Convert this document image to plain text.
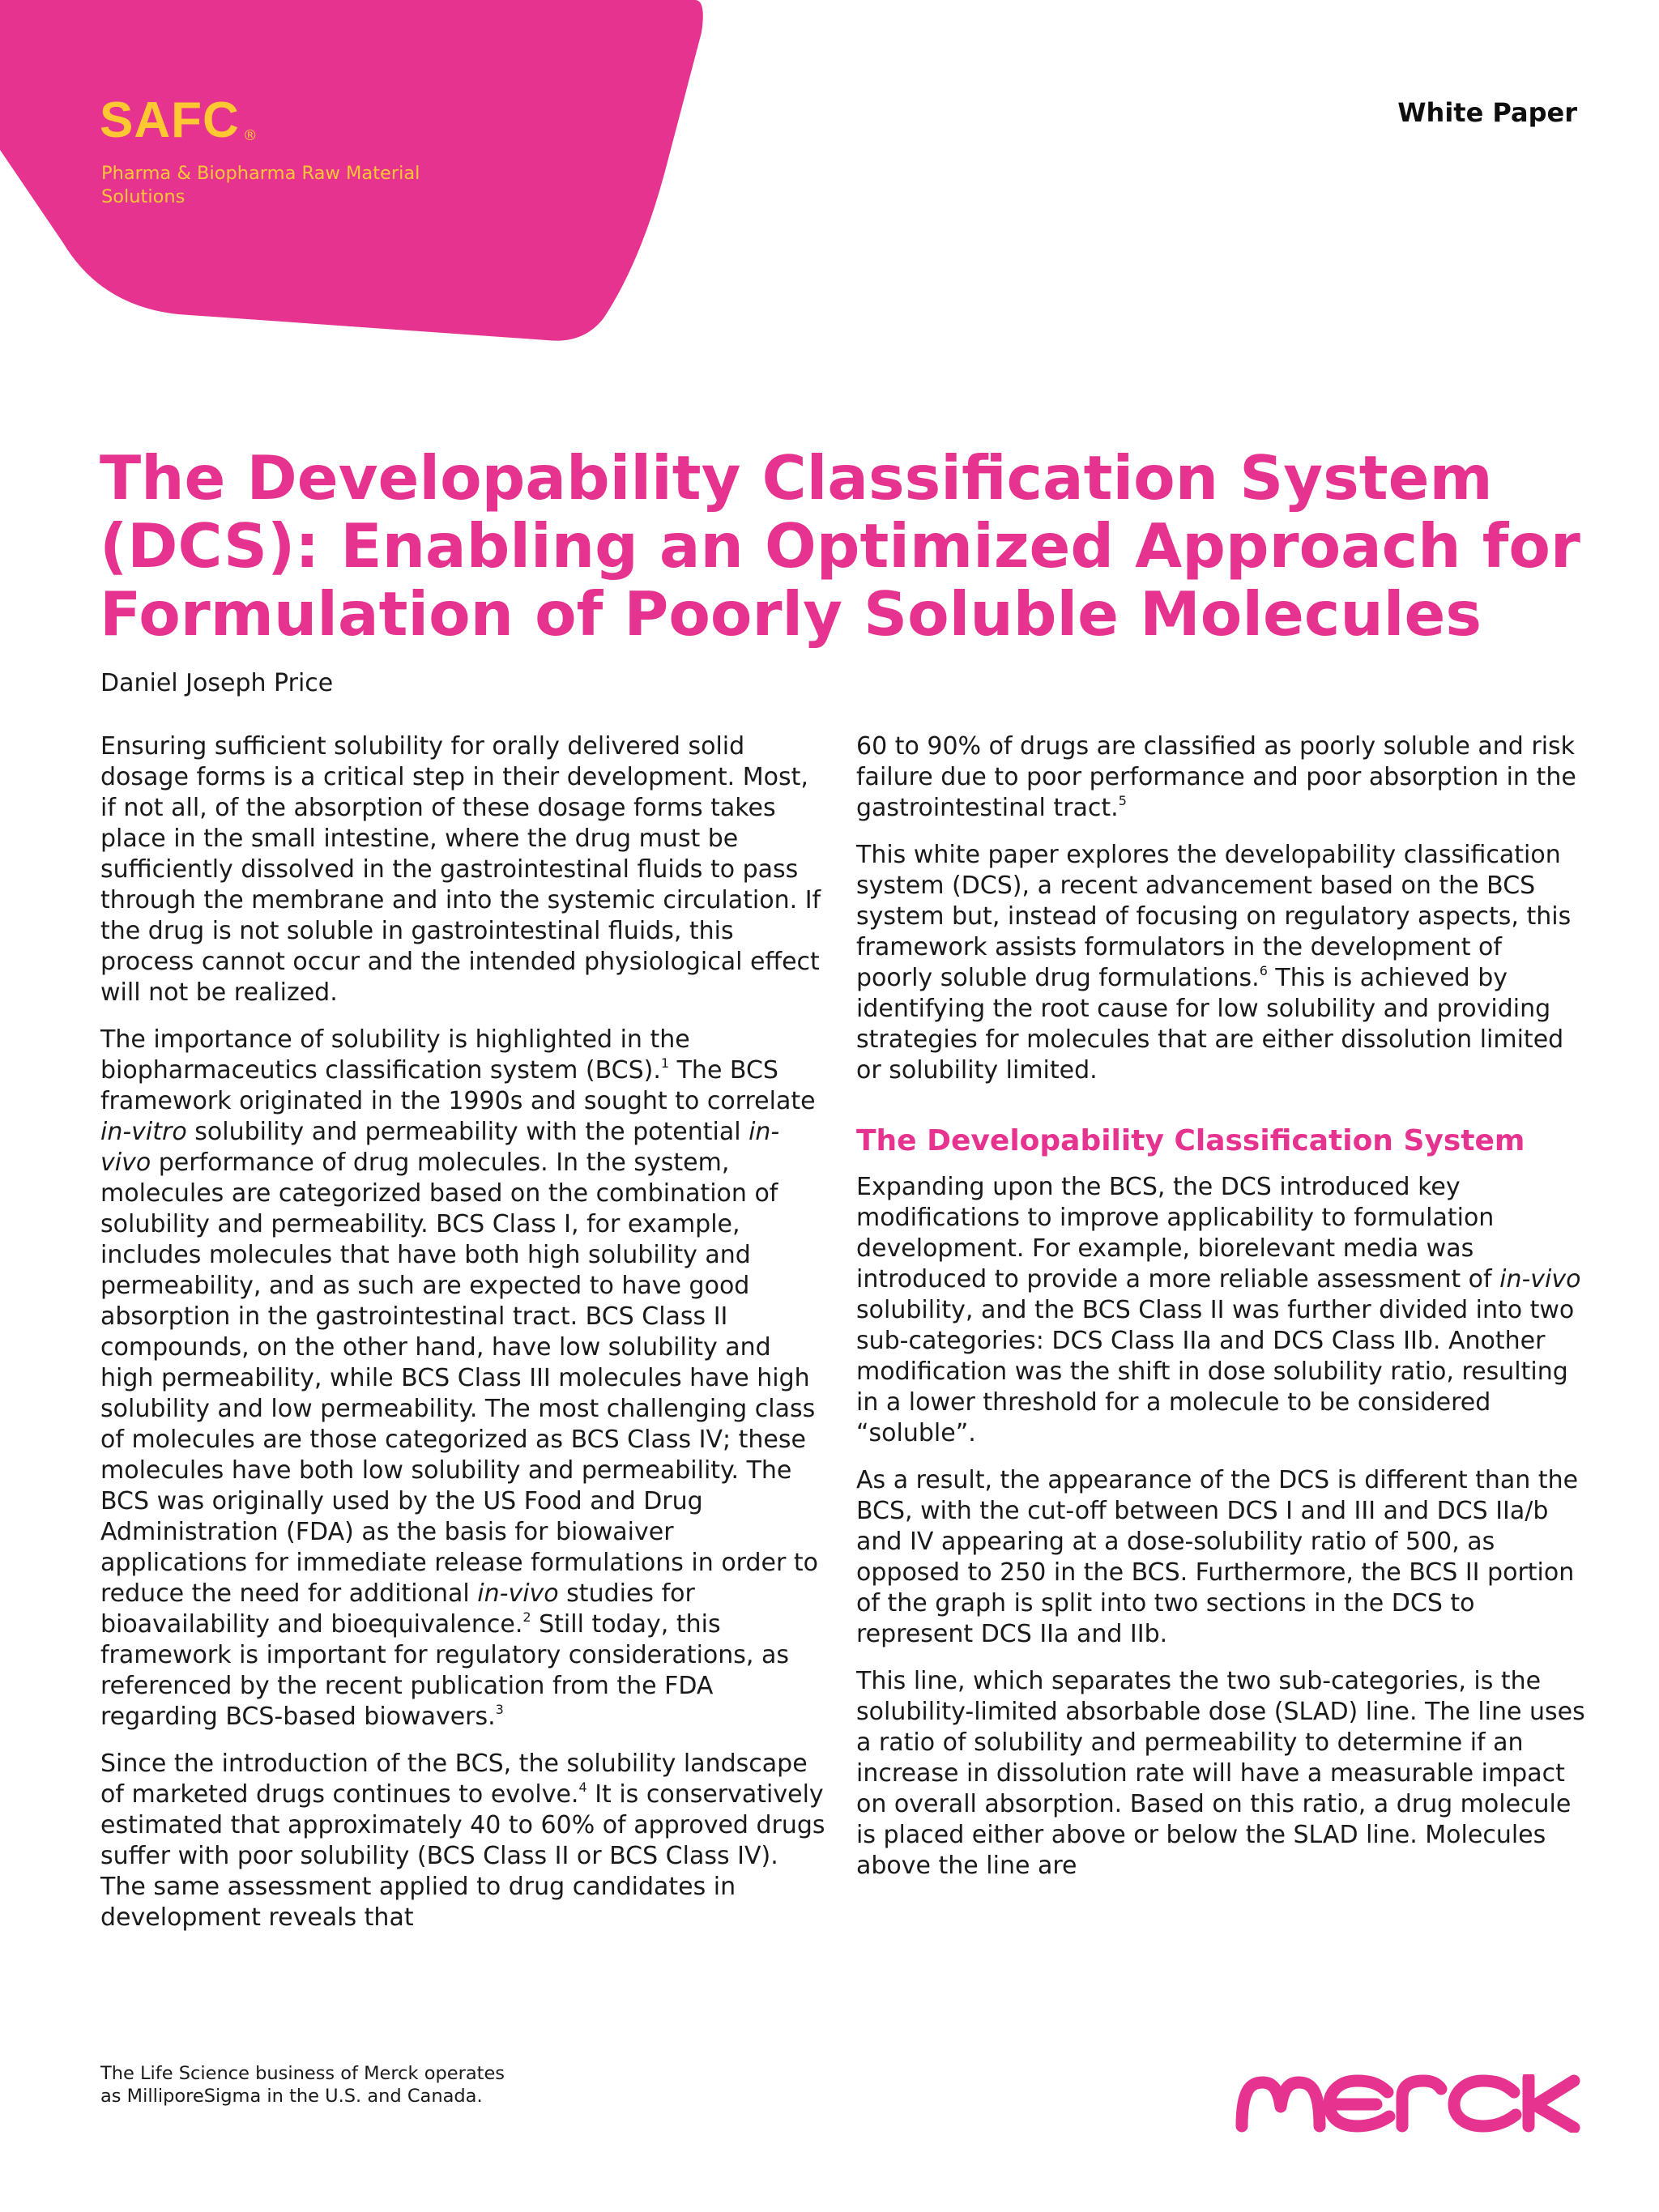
SAFC ®
Pharma & Biopharma Raw Material Solutions
White Paper
The Developability Classification System (DCS): Enabling an Optimized Approach for Formulation of Poorly Soluble Molecules
Daniel Joseph Price

Ensuring sufficient solubility for orally delivered solid dosage forms is a critical step in their development. Most, if not all, of the absorption of these dosage forms takes place in the small intestine, where the drug must be sufficiently dissolved in the gastrointestinal fluids to pass through the membrane and into the systemic circulation. If the drug is not soluble in gastrointestinal fluids, this process cannot occur and the intended physiological effect will not be realized.

The importance of solubility is highlighted in the biopharmaceutics classification system (BCS).$^1$ The BCS framework originated in the 1990s and sought to correlate in-vitro solubility and permeability with the potential in-vivo performance of drug molecules. In the system, molecules are categorized based on the combination of solubility and permeability. BCS Class I, for example, includes molecules that have both high solubility and permeability, and as such are expected to have good absorption in the gastrointestinal tract. BCS Class II compounds, on the other hand, have low solubility and high permeability, while BCS Class III molecules have high solubility and low permeability. The most challenging class of molecules are those categorized as BCS Class IV; these molecules have both low solubility and permeability. The BCS was originally used by the US Food and Drug Administration (FDA) as the basis for biowaiver applications for immediate release formulations in order to reduce the need for additional in-vivo studies for bioavailability and bioequivalence.$^2$ Still today, this framework is important for regulatory considerations, as referenced by the recent publication from the FDA regarding BCS-based biowavers.$^3$

Since the introduction of the BCS, the solubility landscape of marketed drugs continues to evolve.$^4$ It is conservatively estimated that approximately 40 to 60% of approved drugs suffer with poor solubility (BCS Class II or BCS Class IV). The same assessment applied to drug candidates in development reveals that

60 to 90% of drugs are classified as poorly soluble and risk failure due to poor performance and poor absorption in the gastrointestinal tract.$^5$

This white paper explores the developability classification system (DCS), a recent advancement based on the BCS system but, instead of focusing on regulatory aspects, this framework assists formulators in the development of poorly soluble drug formulations.$^6$ This is achieved by identifying the root cause for low solubility and providing strategies for molecules that are either dissolution limited or solubility limited.

The Developability Classification System

Expanding upon the BCS, the DCS introduced key modifications to improve applicability to formulation development. For example, biorelevant media was introduced to provide a more reliable assessment of in-vivo solubility, and the BCS Class II was further divided into two sub-categories: DCS Class IIa and DCS Class IIb. Another modification was the shift in dose solubility ratio, resulting in a lower threshold for a molecule to be considered “soluble”.

As a result, the appearance of the DCS is different than the BCS, with the cut-off between DCS I and III and DCS IIa/b and IV appearing at a dose-solubility ratio of 500, as opposed to 250 in the BCS. Furthermore, the BCS II portion of the graph is split into two sections in the DCS to represent DCS IIa and IIb.

This line, which separates the two sub-categories, is the solubility-limited absorbable dose (SLAD) line. The line uses a ratio of solubility and permeability to determine if an increase in dissolution rate will have a measurable impact on overall absorption. Based on this ratio, a drug molecule is placed either above or below the SLAD line. Molecules above the line are

The Life Science business of Merck operates as MilliporeSigma in the U.S. and Canada.
